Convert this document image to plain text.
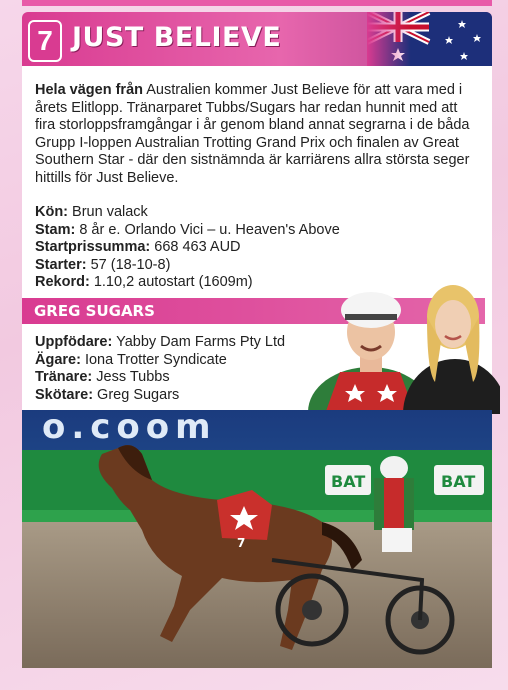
7 JUST BELIEVE

Hela vägen från Australien kommer Just Believe för att vara med i årets Elitlopp. Tränarparet Tubbs/Sugars har redan hunnit med att fira storloppsframgångar i år genom bland annat segrarna i de båda Grupp I-loppen Australian Trotting Grand Prix och finalen av Great Southern Star - där den sistnämnda är karriärens allra största seger hittills för Just Believe.

Kön: Brun valack
Stam: 8 år e. Orlando Vici – u. Heaven's Above
Startprissumma: 668 463 AUD
Starter: 57 (18-10-8)
Rekord: 1.10,2 autostart (1609m)
GREG SUGARS
Uppfödare: Yabby Dam Farms Pty Ltd
Ägare: Iona Trotter Syndicate
Tränare: Jess Tubbs
Skötare: Greg Sugars
o.coom
BAT	BAT
7
